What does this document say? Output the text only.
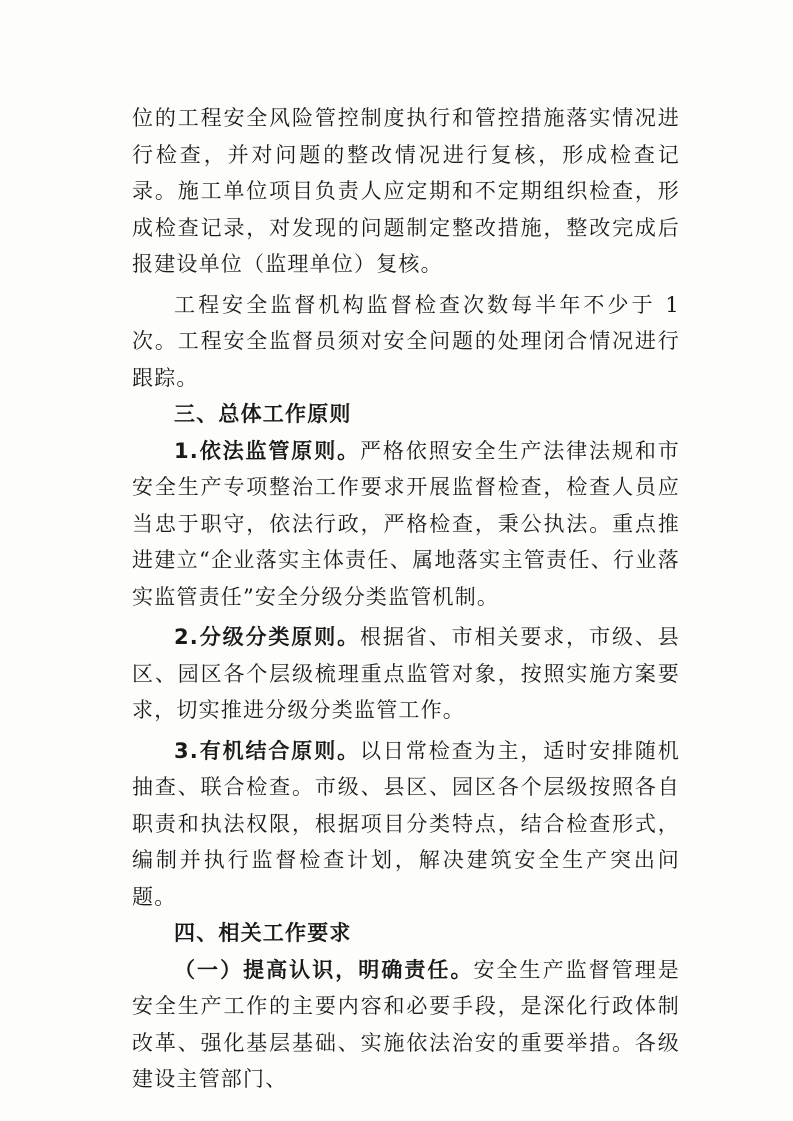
位的工程安全风险管控制度执行和管控措施落实情况进行检查，并对问题的整改情况进行复核，形成检查记录。施工单位项目负责人应定期和不定期组织检查，形成检查记录，对发现的问题制定整改措施，整改完成后报建设单位（监理单位）复核。

工程安全监督机构监督检查次数每半年不少于 1 次。工程安全监督员须对安全问题的处理闭合情况进行跟踪。

三、总体工作原则

1.依法监管原则。严格依照安全生产法律法规和市安全生产专项整治工作要求开展监督检查，检查人员应当忠于职守，依法行政，严格检查，秉公执法。重点推进建立“企业落实主体责任、属地落实主管责任、行业落实监管责任”安全分级分类监管机制。

2.分级分类原则。根据省、市相关要求，市级、县区、园区各个层级梳理重点监管对象，按照实施方案要求，切实推进分级分类监管工作。

3.有机结合原则。以日常检查为主，适时安排随机抽查、联合检查。市级、县区、园区各个层级按照各自职责和执法权限，根据项目分类特点，结合检查形式，编制并执行监督检查计划，解决建筑安全生产突出问题。

四、相关工作要求

（一）提高认识，明确责任。安全生产监督管理是安全生产工作的主要内容和必要手段，是深化行政体制改革、强化基层基础、实施依法治安的重要举措。各级建设主管部门、
